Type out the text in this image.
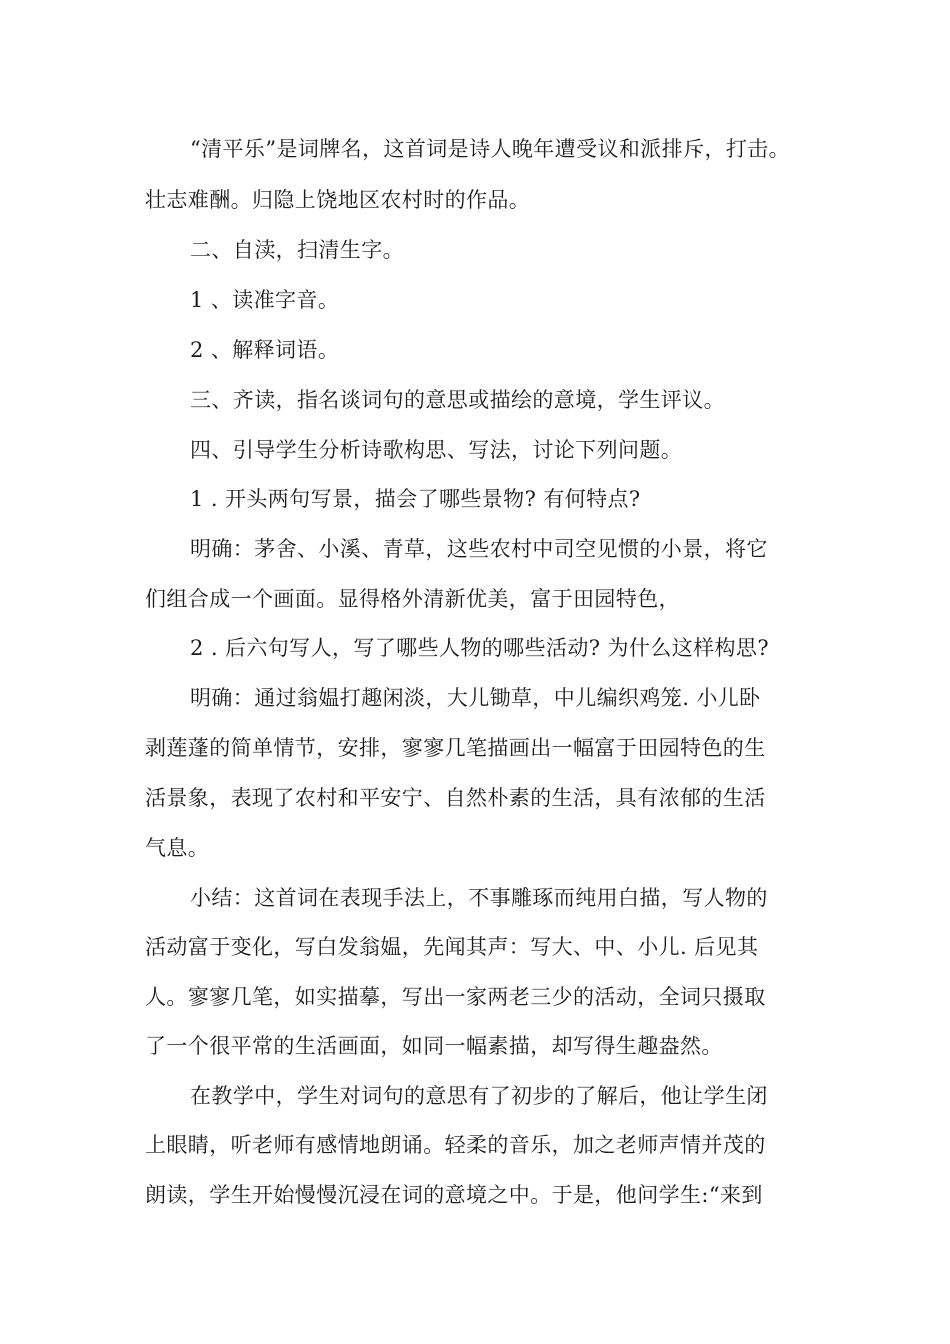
“清平乐”是词牌名，这首词是诗人晚年遭受议和派排斥，打击。
壮志难酬。归隐上饶地区农村时的作品。
二、自渎，扫清生字。
1 、读准字音。
2 、解释词语。
三、齐读，指名谈词句的意思或描绘的意境，学生评议。
四、引导学生分析诗歌构思、写法，讨论下列问题。
1 . 开头两句写景，描会了哪些景物? 有何特点?
明确：茅舍、小溪、青草，这些农村中司空见惯的小景，将它
们组合成一个画面。显得格外清新优美，富于田园特色，
2 . 后六句写人，写了哪些人物的哪些活动? 为什么这样构思?
明确：通过翁媪打趣闲淡，大儿锄草，中儿编织鸡笼. 小儿卧
剥莲蓬的简单情节，安排，寥寥几笔描画出一幅富于田园特色的生
活景象，表现了农村和平安宁、自然朴素的生活，具有浓郁的生活
气息。
小结：这首词在表现手法上，不事雕琢而纯用白描，写人物的
活动富于变化，写白发翁媪，先闻其声：写大、中、小儿. 后见其
人。寥寥几笔，如实描摹，写出一家两老三少的活动，全词只摄取
了一个很平常的生活画面，如同一幅素描，却写得生趣盎然。
在教学中，学生对词句的意思有了初步的了解后，他让学生闭
上眼睛，听老师有感情地朗诵。轻柔的音乐，加之老师声情并茂的
朗读，学生开始慢慢沉浸在词的意境之中。于是，他问学生:“来到
